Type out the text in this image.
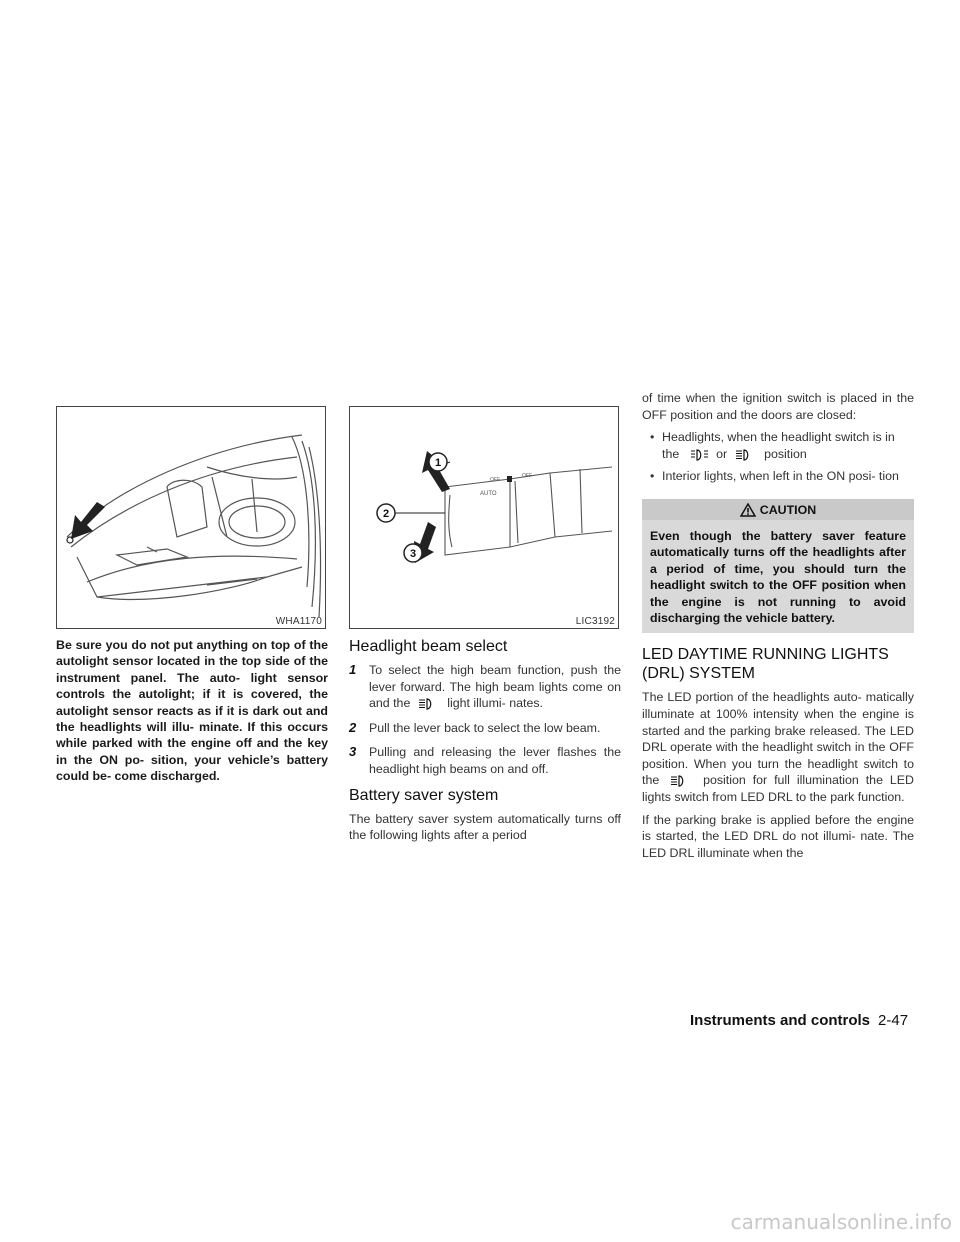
WHA1170

Be sure you do not put anything on top of the autolight sensor located in the top side of the instrument panel. The auto- light sensor controls the autolight; if it is covered, the autolight sensor reacts as if it is dark out and the headlights will illu- minate. If this occurs while parked with the engine off and the key in the ON po- sition, your vehicle’s battery could be- come discharged.

AUTO
OFF
OFF
1
2
3
LIC3192
Headlight beam select
1 To select the high beam function, push the lever forward. The high beam lights come on and the	light illumi- nates.
2 Pull the lever back to select the low beam.
3 Pulling and releasing the lever flashes the headlight high beams on and off.
Battery saver system

The battery saver system automatically turns off the following lights after a period

of time when the ignition switch is placed in the OFF position and the doors are closed:

• Headlights, when the headlight switch is in the	or	position
• Interior lights, when left in the ON posi- tion
CAUTION
Even though the battery saver feature automatically turns off the headlights after a period of time, you should turn the headlight switch to the OFF position when the engine is not running to avoid discharging the vehicle battery.
LED DAYTIME RUNNING LIGHTS (DRL) SYSTEM

The LED portion of the headlights auto- matically illuminate at 100% intensity when the engine is started and the parking brake released. The LED DRL operate with the headlight switch in the OFF position. When you turn the headlight switch to the	position for full illumination the LED lights switch from LED DRL to the park function.

If the parking brake is applied before the engine is started, the LED DRL do not illumi- nate. The LED DRL illuminate when the

Instruments and controls 2-47
carmanualsonline.info
